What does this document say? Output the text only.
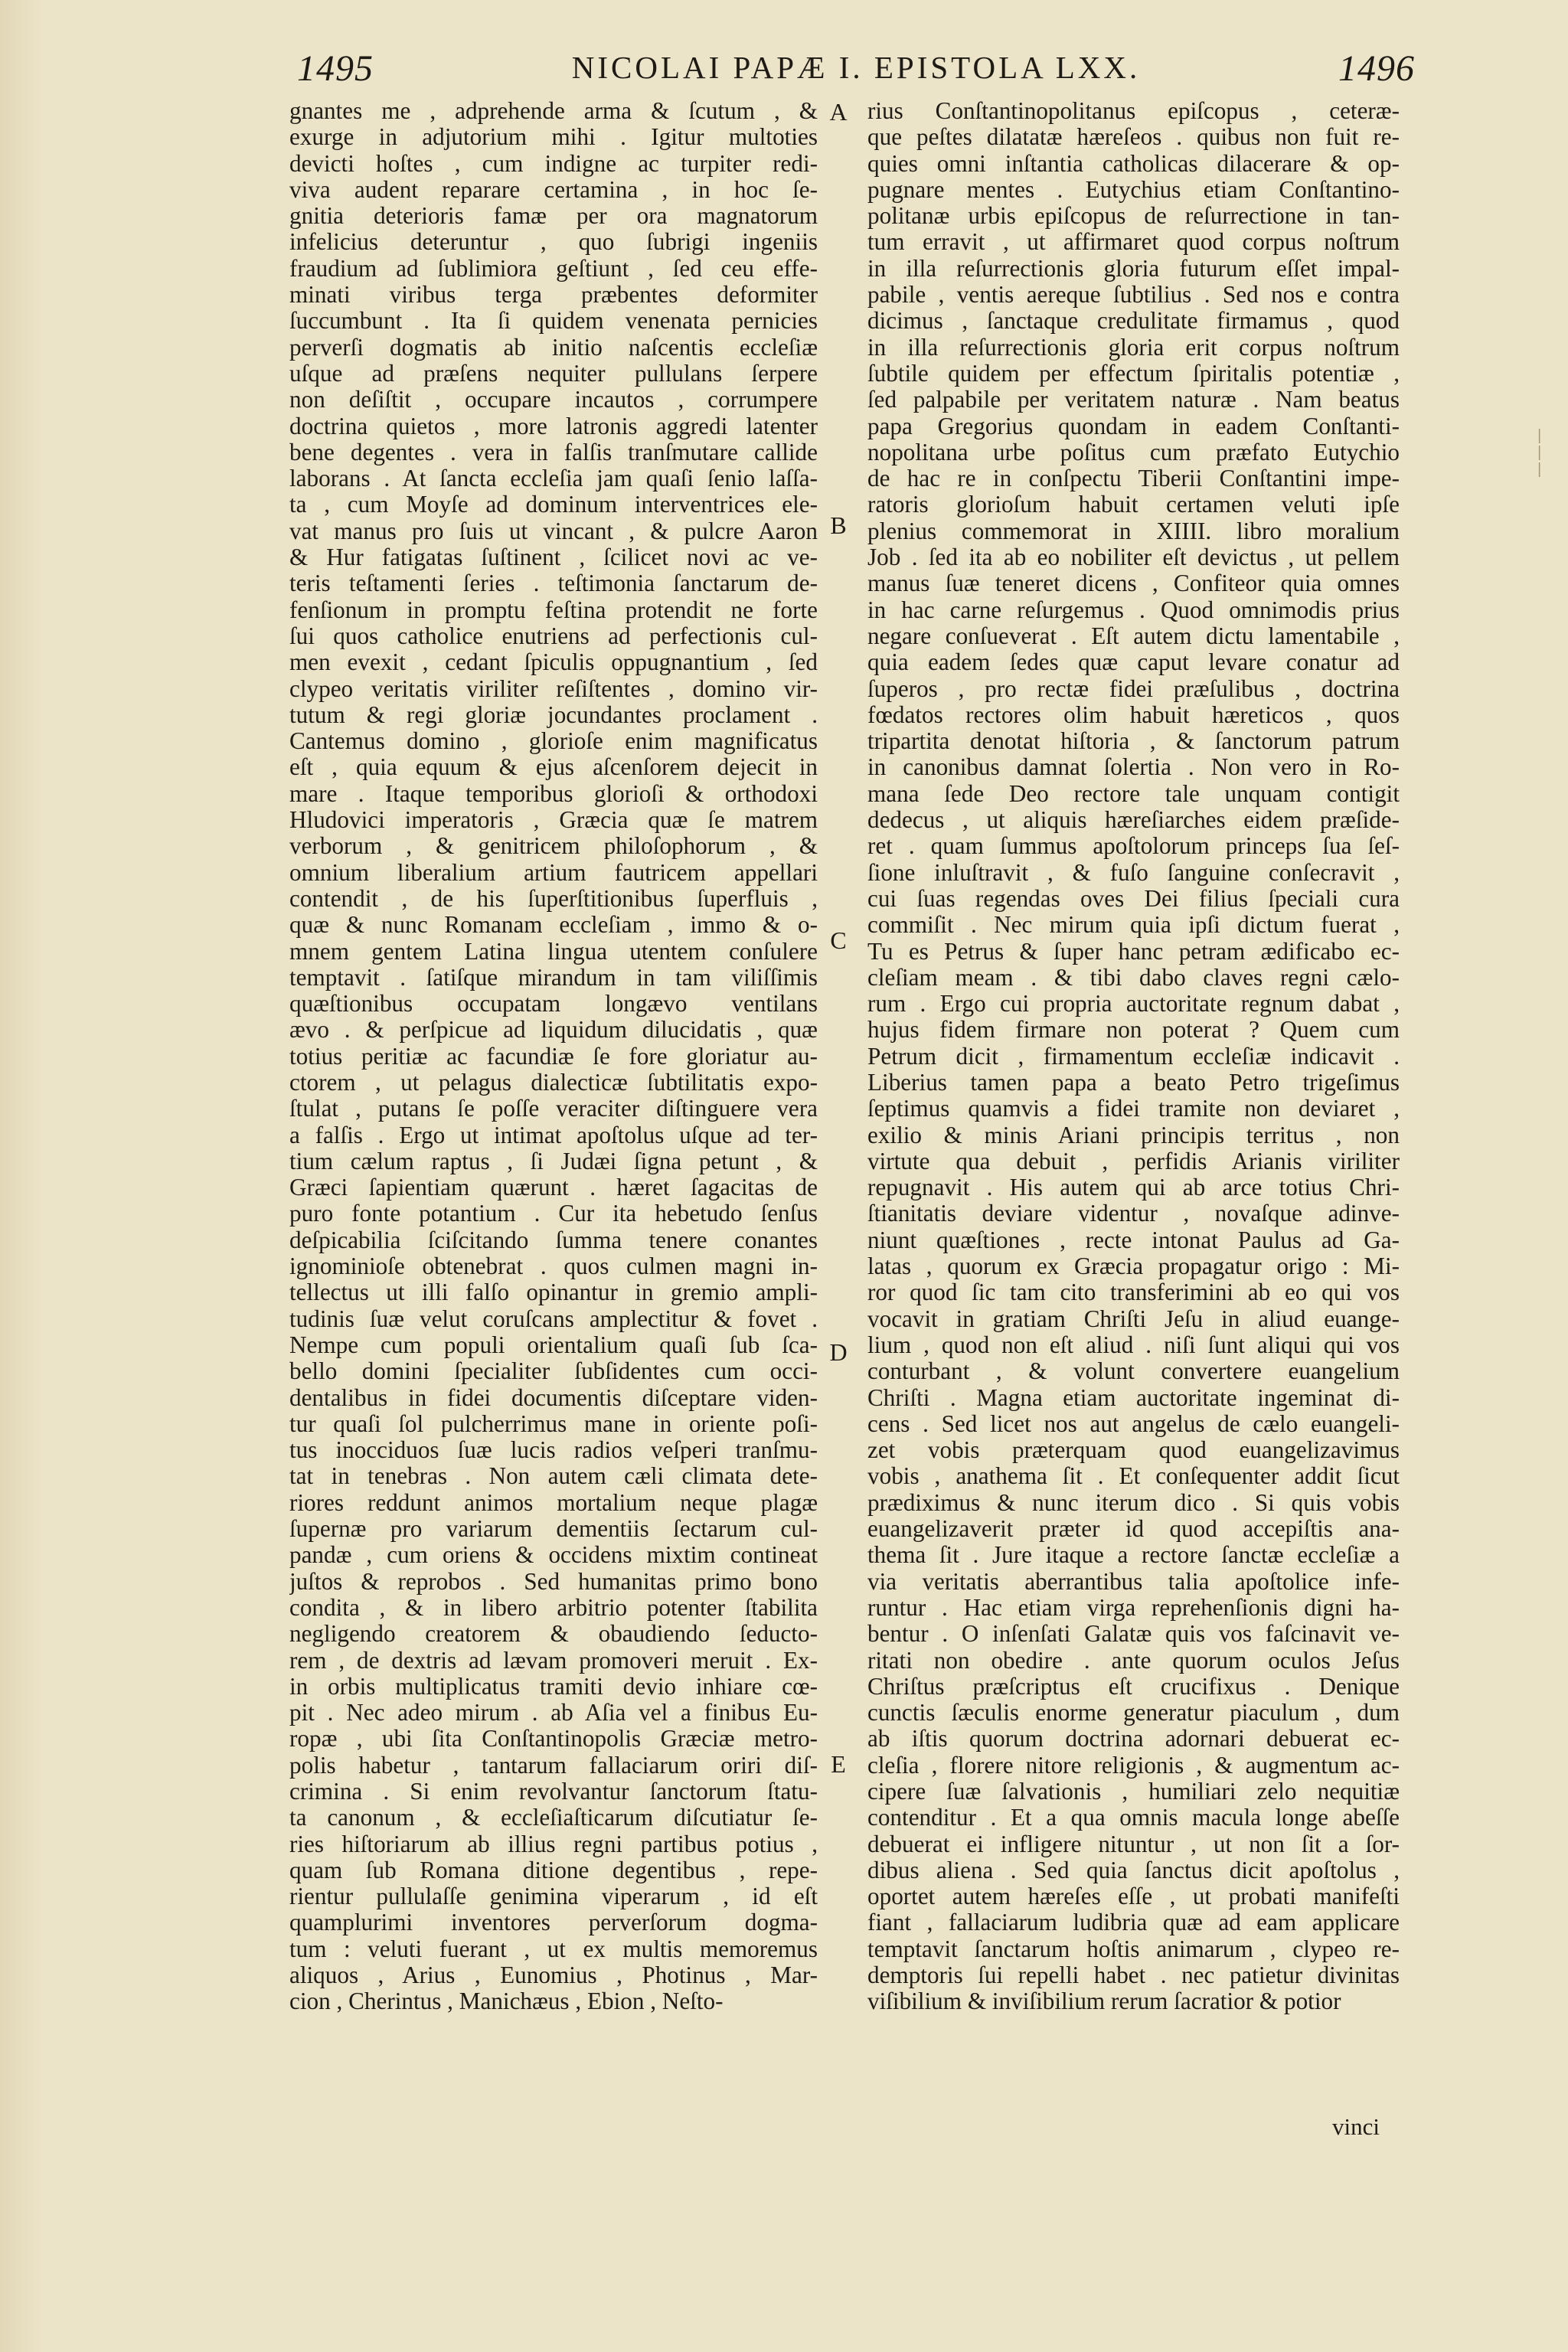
1495	NICOLAI PAPÆ I. EPISTOLA LXX.	1496
gnantes me , adprehende arma & ſcutum , &
exurge in adjutorium mihi . Igitur multoties
devicti hoſtes , cum indigne ac turpiter redi-
viva audent reparare certamina , in hoc ſe-
gnitia deterioris famæ per ora magnatorum
infelicius deteruntur , quo ſubrigi ingeniis
fraudium ad ſublimiora geſtiunt , ſed ceu effe-
minati viribus terga præbentes deformiter
ſuccumbunt . Ita ſi quidem venenata pernicies
perverſi dogmatis ab initio naſcentis eccleſiæ
uſque ad præſens nequiter pullulans ſerpere
non deſiſtit , occupare incautos , corrumpere
doctrina quietos , more latronis aggredi latenter
bene degentes . vera in falſis tranſmutare callide
laborans . At ſancta eccleſia jam quaſi ſenio laſſa-
ta , cum Moyſe ad dominum interventrices ele-
vat manus pro ſuis ut vincant , & pulcre Aaron
& Hur fatigatas ſuſtinent , ſcilicet novi ac ve-
teris teſtamenti ſeries . teſtimonia ſanctarum de-
fenſionum in promptu feſtina protendit ne forte
ſui quos catholice enutriens ad perfectionis cul-
men evexit , cedant ſpiculis oppugnantium , ſed
clypeo veritatis viriliter reſiſtentes , domino vir-
tutum & regi gloriæ jocundantes proclament .
Cantemus domino , glorioſe enim magnificatus
eſt , quia equum & ejus aſcenſorem dejecit in
mare . Itaque temporibus glorioſi & orthodoxi
Hludovici imperatoris , Græcia quæ ſe matrem
verborum , & genitricem philoſophorum , &
omnium liberalium artium fautricem appellari
contendit , de his ſuperſtitionibus ſuperfluis ,
quæ & nunc Romanam eccleſiam , immo & o-
mnem gentem Latina lingua utentem conſulere
temptavit . ſatiſque mirandum in tam viliſſimis
quæſtionibus occupatam longævo ventilans
ævo . & perſpicue ad liquidum dilucidatis , quæ
totius peritiæ ac facundiæ ſe fore gloriatur au-
ctorem , ut pelagus dialecticæ ſubtilitatis expo-
ſtulat , putans ſe poſſe veraciter diſtinguere vera
a falſis . Ergo ut intimat apoſtolus uſque ad ter-
tium cælum raptus , ſi Judæi ſigna petunt , &
Græci ſapientiam quærunt . hæret ſagacitas de
puro fonte potantium . Cur ita hebetudo ſenſus
deſpicabilia ſciſcitando ſumma tenere conantes
ignominioſe obtenebrat . quos culmen magni in-
tellectus ut illi falſo opinantur in gremio ampli-
tudinis ſuæ velut coruſcans amplectitur & fovet .
Nempe cum populi orientalium quaſi ſub ſca-
bello domini ſpecialiter ſubſidentes cum occi-
dentalibus in fidei documentis diſceptare viden-
tur quaſi ſol pulcherrimus mane in oriente poſi-
tus inocciduos ſuæ lucis radios veſperi tranſmu-
tat in tenebras . Non autem cæli climata dete-
riores reddunt animos mortalium neque plagæ
ſupernæ pro variarum dementiis ſectarum cul-
pandæ , cum oriens & occidens mixtim contineat
juſtos & reprobos . Sed humanitas primo bono
condita , & in libero arbitrio potenter ſtabilita
negligendo creatorem & obaudiendo ſeducto-
rem , de dextris ad lævam promoveri meruit . Ex-
in orbis multiplicatus tramiti devio inhiare cœ-
pit . Nec adeo mirum . ab Aſia vel a finibus Eu-
ropæ , ubi ſita Conſtantinopolis Græciæ metro-
polis habetur , tantarum fallaciarum oriri diſ-
crimina . Si enim revolvantur ſanctorum ſtatu-
ta canonum , & eccleſiaſticarum diſcutiatur ſe-
ries hiſtoriarum ab illius regni partibus potius ,
quam ſub Romana ditione degentibus , repe-
rientur pullulaſſe genimina viperarum , id eſt
quamplurimi inventores perverſorum dogma-
tum : veluti fuerant , ut ex multis memoremus
aliquos , Arius , Eunomius , Photinus , Mar-
cion , Cherintus , Manichæus , Ebion , Neſto-
rius Conſtantinopolitanus epiſcopus , ceteræ-
que peſtes dilatatæ hæreſeos . quibus non fuit re-
quies omni inſtantia catholicas dilacerare & op-
pugnare mentes . Eutychius etiam Conſtantino-
politanæ urbis epiſcopus de reſurrectione in tan-
tum erravit , ut affirmaret quod corpus noſtrum
in illa reſurrectionis gloria futurum eſſet impal-
pabile , ventis aereque ſubtilius . Sed nos e contra
dicimus , ſanctaque credulitate firmamus , quod
in illa reſurrectionis gloria erit corpus noſtrum
ſubtile quidem per effectum ſpiritalis potentiæ ,
ſed palpabile per veritatem naturæ . Nam beatus
papa Gregorius quondam in eadem Conſtanti-
nopolitana urbe poſitus cum præfato Eutychio
de hac re in conſpectu Tiberii Conſtantini impe-
ratoris glorioſum habuit certamen veluti ipſe
plenius commemorat in XIIII. libro moralium
Job . ſed ita ab eo nobiliter eſt devictus , ut pellem
manus ſuæ teneret dicens , Confiteor quia omnes
in hac carne reſurgemus . Quod omnimodis prius
negare conſueverat . Eſt autem dictu lamentabile ,
quia eadem ſedes quæ caput levare conatur ad
ſuperos , pro rectæ fidei præſulibus , doctrina
fœdatos rectores olim habuit hæreticos , quos
tripartita denotat hiſtoria , & ſanctorum patrum
in canonibus damnat ſolertia . Non vero in Ro-
mana ſede Deo rectore tale unquam contigit
dedecus , ut aliquis hæreſiarches eidem præſide-
ret . quam ſummus apoſtolorum princeps ſua ſeſ-
ſione inluſtravit , & fuſo ſanguine conſecravit ,
cui ſuas regendas oves Dei filius ſpeciali cura
commiſit . Nec mirum quia ipſi dictum fuerat ,
Tu es Petrus & ſuper hanc petram ædificabo ec-
cleſiam meam . & tibi dabo claves regni cælo-
rum . Ergo cui propria auctoritate regnum dabat ,
hujus fidem firmare non poterat ? Quem cum
Petrum dicit , firmamentum eccleſiæ indicavit .
Liberius tamen papa a beato Petro trigeſimus
ſeptimus quamvis a fidei tramite non deviaret ,
exilio & minis Ariani principis territus , non
virtute qua debuit , perfidis Arianis viriliter
repugnavit . His autem qui ab arce totius Chri-
ſtianitatis deviare videntur , novaſque adinve-
niunt quæſtiones , recte intonat Paulus ad Ga-
latas , quorum ex Græcia propagatur origo : Mi-
ror quod ſic tam cito transferimini ab eo qui vos
vocavit in gratiam Chriſti Jeſu in aliud euange-
lium , quod non eſt aliud . niſi ſunt aliqui qui vos
conturbant , & volunt convertere euangelium
Chriſti . Magna etiam auctoritate ingeminat di-
cens . Sed licet nos aut angelus de cælo euangeli-
zet vobis præterquam quod euangelizavimus
vobis , anathema ſit . Et conſequenter addit ſicut
prædiximus & nunc iterum dico . Si quis vobis
euangelizaverit præter id quod accepiſtis ana-
thema ſit . Jure itaque a rectore ſanctæ eccleſiæ a
via veritatis aberrantibus talia apoſtolice infe-
runtur . Hac etiam virga reprehenſionis digni ha-
bentur . O inſenſati Galatæ quis vos faſcinavit ve-
ritati non obedire . ante quorum oculos Jeſus
Chriſtus præſcriptus eſt crucifixus . Denique
cunctis ſæculis enorme generatur piaculum , dum
ab iſtis quorum doctrina adornari debuerat ec-
cleſia , florere nitore religionis , & augmentum ac-
cipere ſuæ ſalvationis , humiliari zelo nequitiæ
contenditur . Et a qua omnis macula longe abeſſe
debuerat ei infligere nituntur , ut non ſit a ſor-
dibus aliena . Sed quia ſanctus dicit apoſtolus ,
oportet autem hæreſes eſſe , ut probati manifeſti
fiant , fallaciarum ludibria quæ ad eam applicare
temptavit ſanctarum hoſtis animarum , clypeo re-
demptoris ſui repelli habet . nec patietur divinitas
viſibilium & inviſibilium rerum ſacratior & potior
A
B
C
D
E
vinci
▏
▏
▏
